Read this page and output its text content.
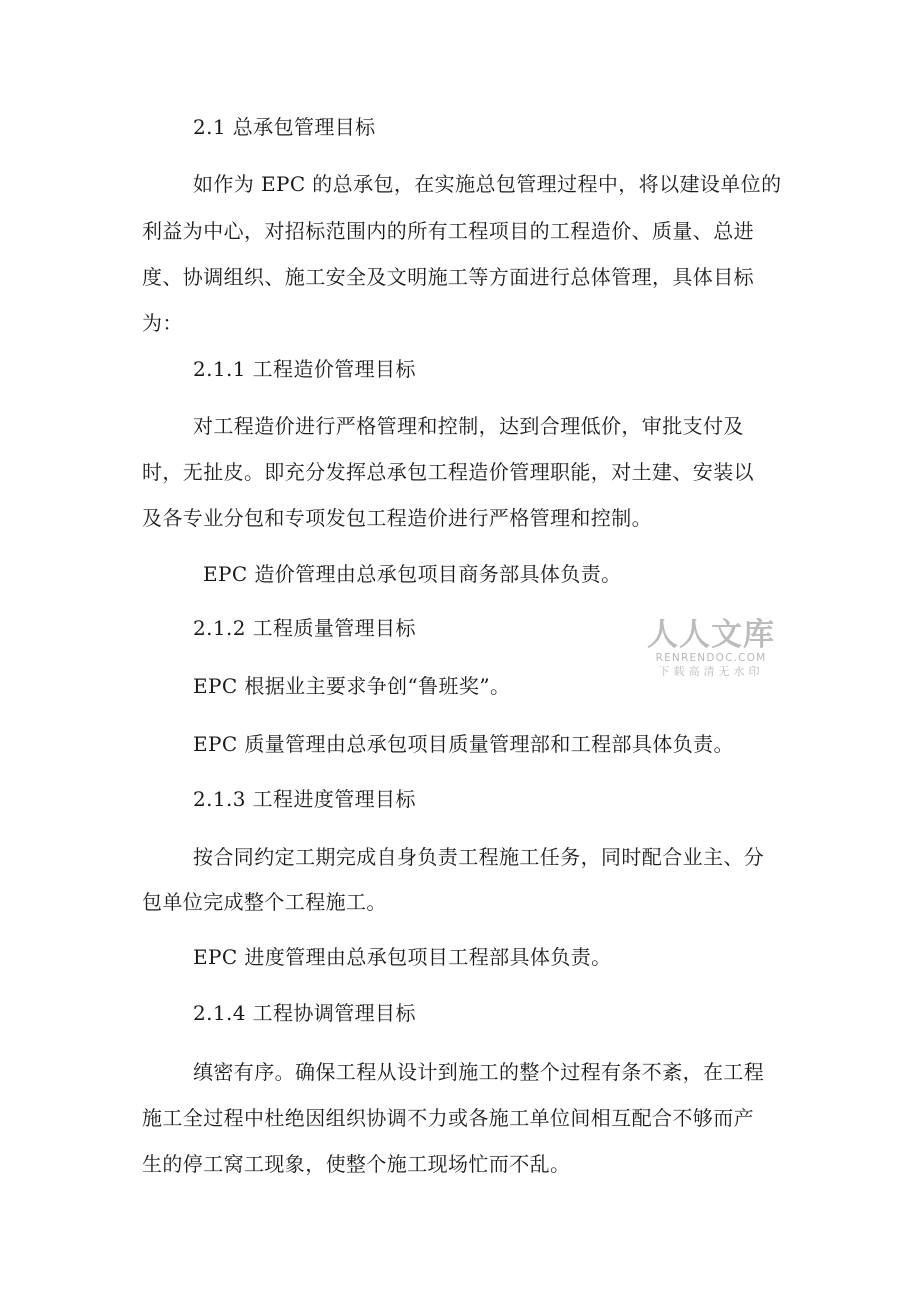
2.1 总承包管理目标
如作为 EPC 的总承包，在实施总包管理过程中，将以建设单位的
利益为中心，对招标范围内的所有工程项目的工程造价、质量、总进
度、协调组织、施工安全及文明施工等方面进行总体管理，具体目标
为：
2.1.1 工程造价管理目标
对工程造价进行严格管理和控制，达到合理低价，审批支付及
时，无扯皮。即充分发挥总承包工程造价管理职能，对土建、安装以
及各专业分包和专项发包工程造价进行严格管理和控制。
EPC 造价管理由总承包项目商务部具体负责。
2.1.2 工程质量管理目标
EPC 根据业主要求争创“鲁班奖”。
EPC 质量管理由总承包项目质量管理部和工程部具体负责。
2.1.3 工程进度管理目标
按合同约定工期完成自身负责工程施工任务，同时配合业主、分
包单位完成整个工程施工。
EPC 进度管理由总承包项目工程部具体负责。
2.1.4 工程协调管理目标
缜密有序。确保工程从设计到施工的整个过程有条不紊，在工程
施工全过程中杜绝因组织协调不力或各施工单位间相互配合不够而产
生的停工窝工现象，使整个施工现场忙而不乱。
人人文库
RENRENDOC.COM
下载高清无水印
